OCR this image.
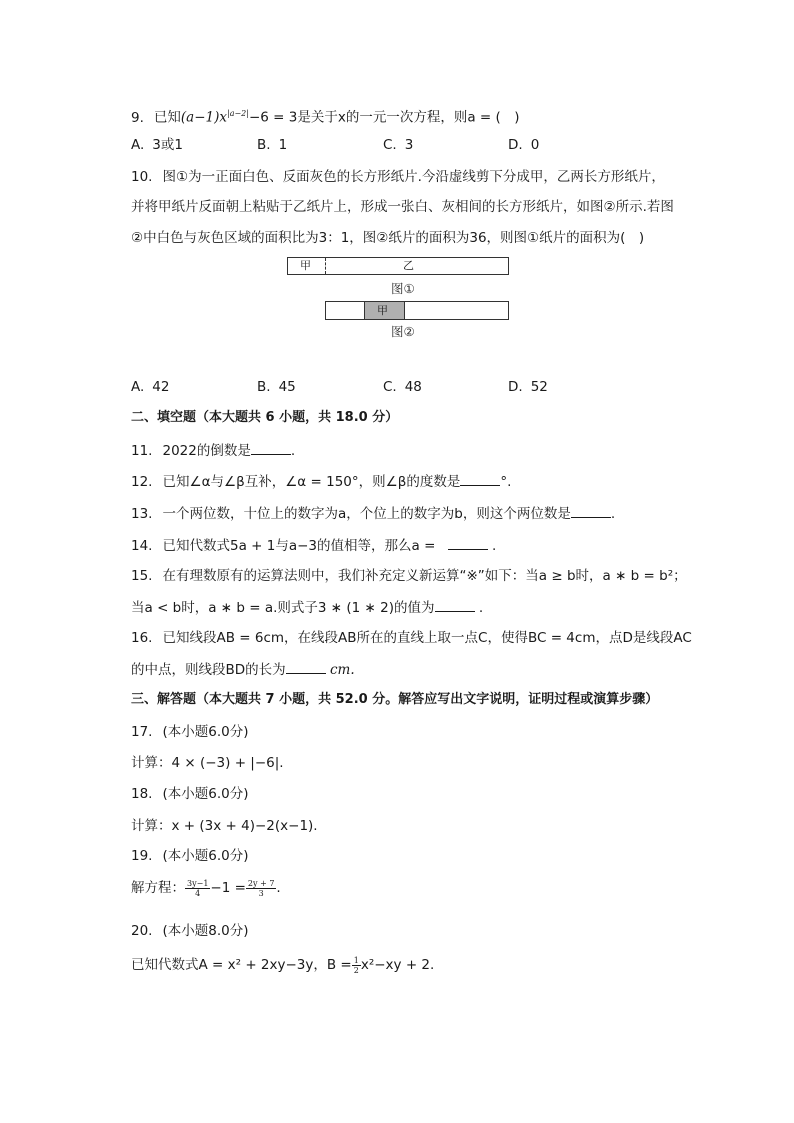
9. 已知$(a-1)x^{|a-2|}-6 = 3$是关于x的一元一次方程，则a = (　)
A. 3或1	B. 1	C. 3	D. 0
10. 图①为一正面白色、反面灰色的长方形纸片.今沿虚线剪下分成甲，乙两长方形纸片，
并将甲纸片反面朝上粘贴于乙纸片上，形成一张白、灰相间的长方形纸片，如图②所示.若图
②中白色与灰色区域的面积比为3：1，图②纸片的面积为36，则图①纸片的面积为(　)
甲	乙
图①
甲
图②
A. 42	B. 45	C. 48	D. 52
二、填空题（本大题共 6 小题，共 18.0 分）
11. 2022的倒数是	.
12. 已知∠α与∠β互补，∠α = 150°，则∠β的度数是	°.
13. 一个两位数，十位上的数字为a，个位上的数字为b，则这个两位数是	.
14. 已知代数式5a + 1与a−3的值相等，那么a =	.
15. 在有理数原有的运算法则中，我们补充定义新运算“※”如下：当a ≥ b时，a ∗ b = b²；
当a < b时，a ∗ b = a.则式子3 ∗ (1 ∗ 2)的值为	.
16. 已知线段AB = 6cm，在线段AB所在的直线上取一点C，使得BC = 4cm，点D是线段AC
的中点，则线段BD的长为	cm.
三、解答题（本大题共 7 小题，共 52.0 分。解答应写出文字说明，证明过程或演算步骤）
17. (本小题6.0分)
计算：4 × (−3) + |−6|.
18. (本小题6.0分)
计算：x + (3x + 4)−2(x−1).
19. (本小题6.0分)
解方程： $\frac{3y-1}{4} -1 = \frac{2y + 7}{3}$ .
20. (本小题8.0分)
已知代数式A = x² + 2xy−3y，$B = \frac{1}{2} x^2-xy + 2$.
